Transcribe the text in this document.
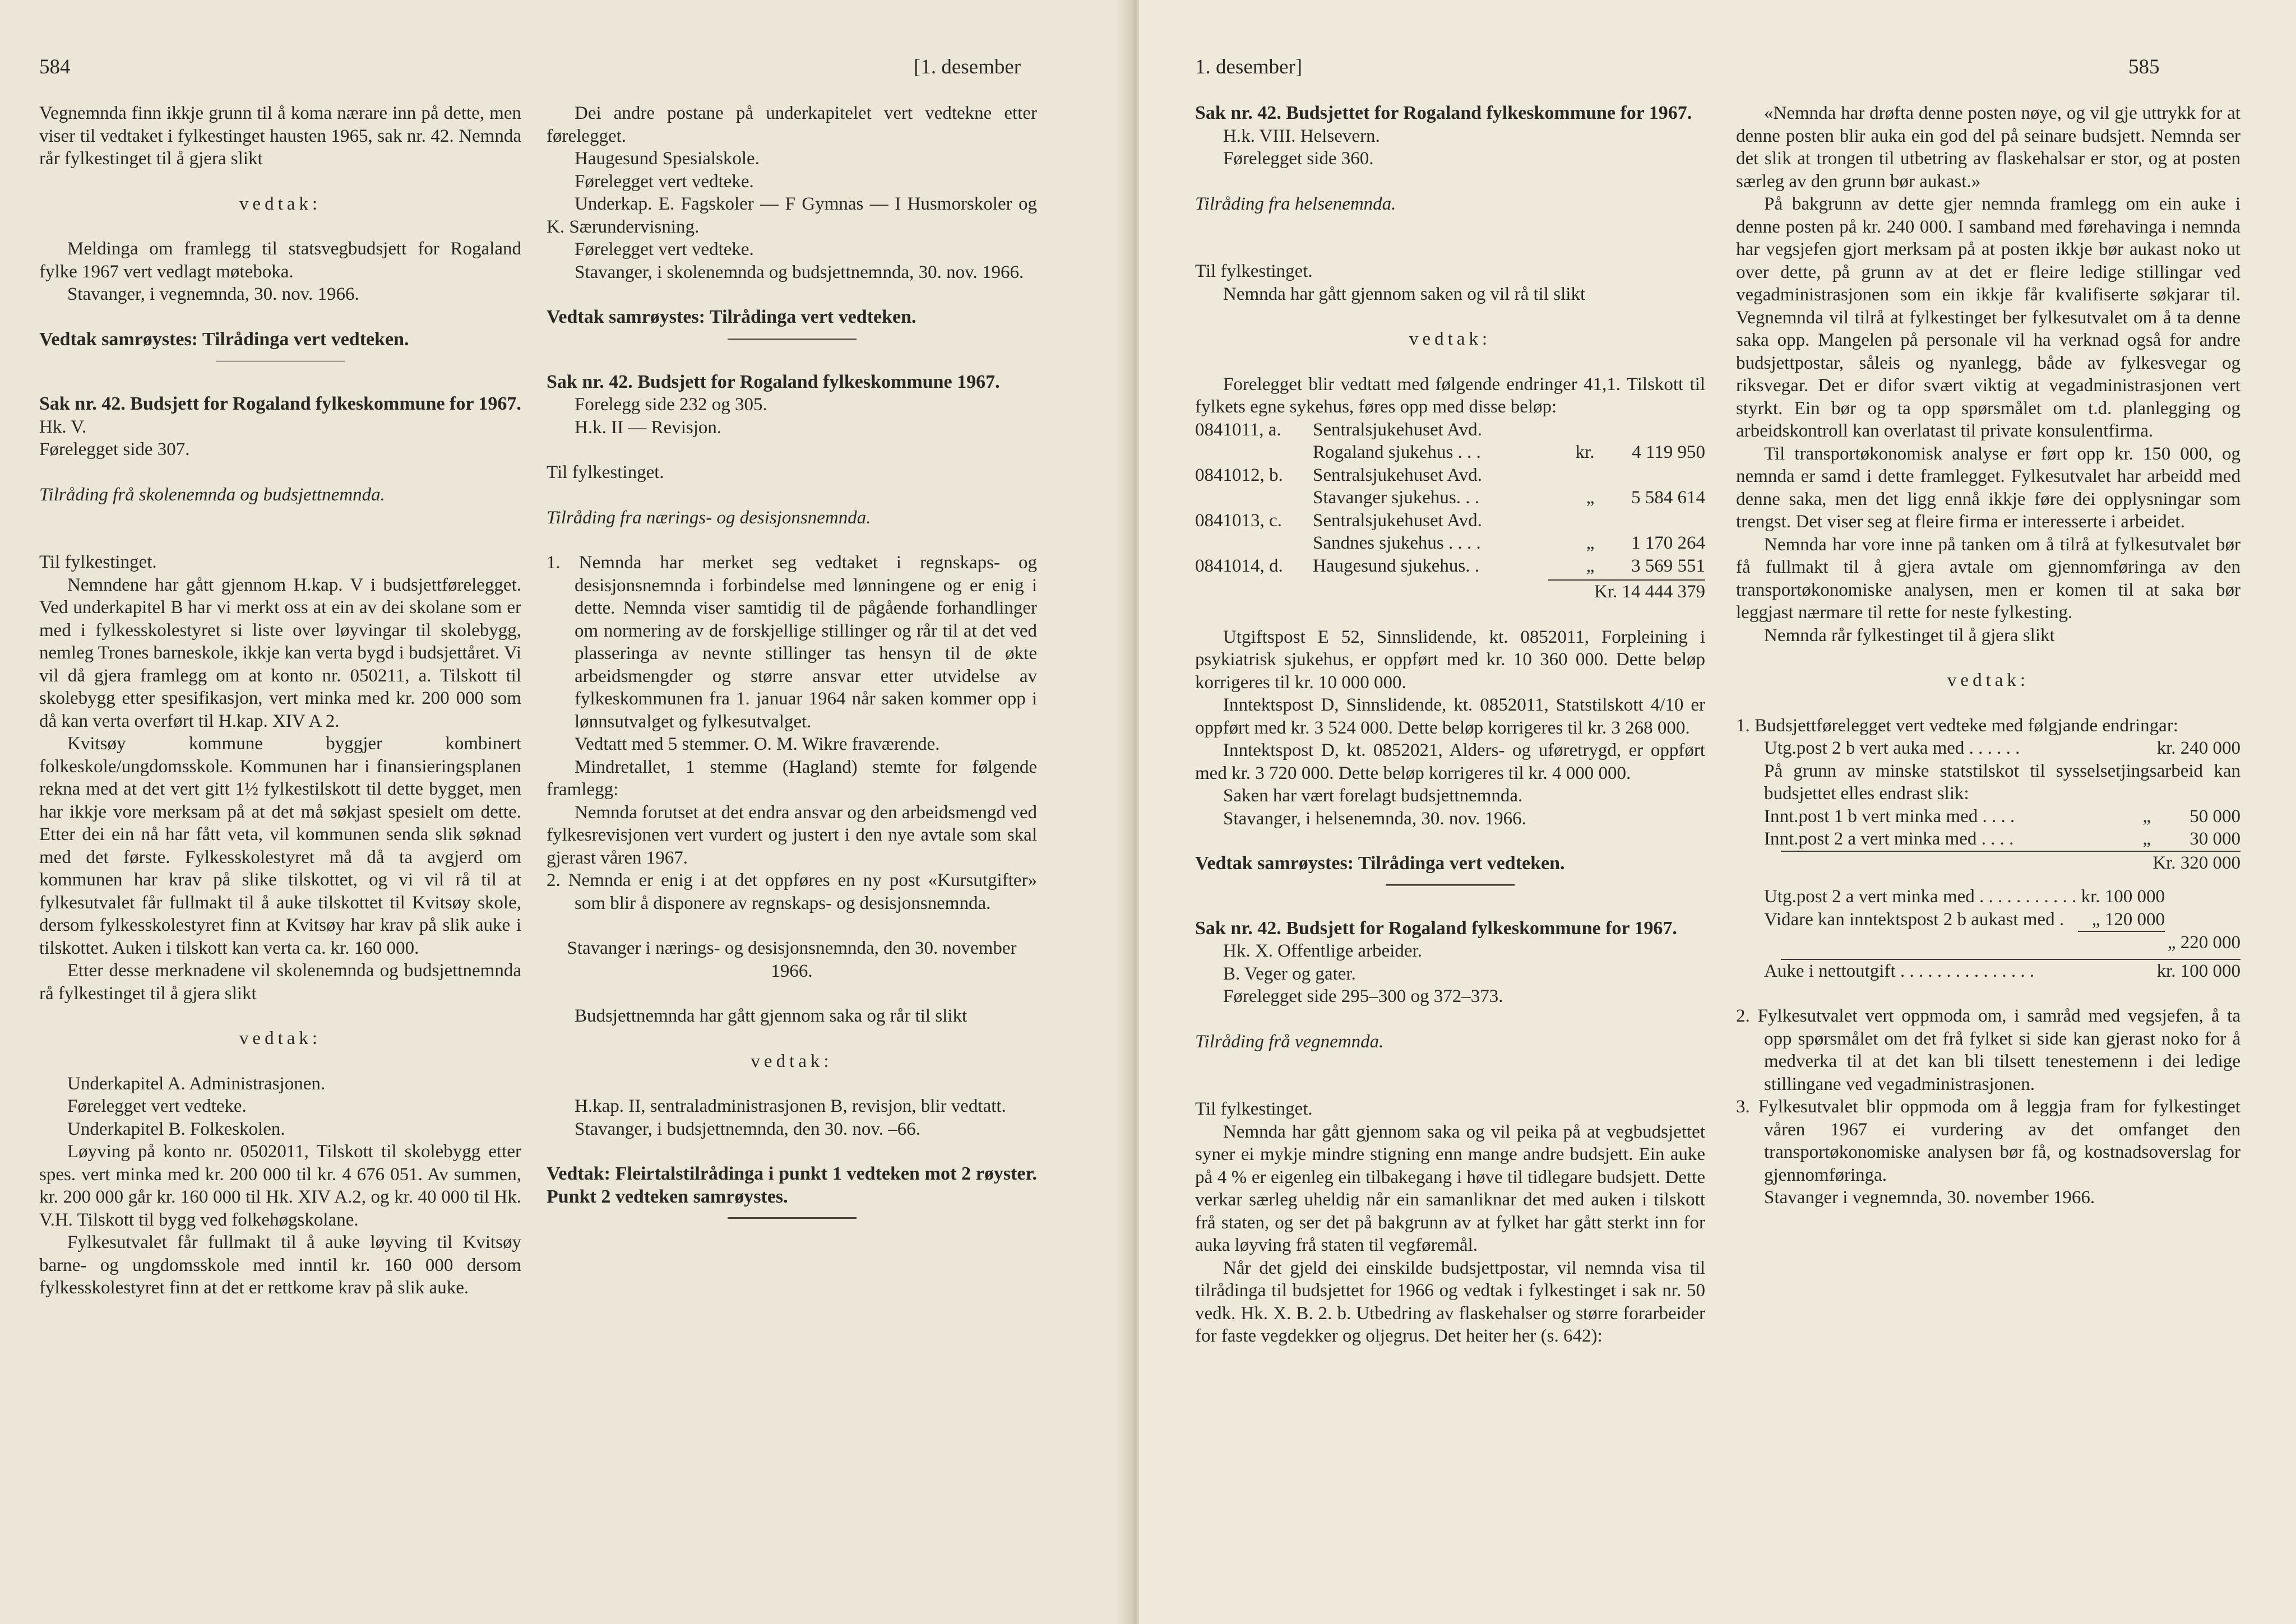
584	[1. desember

Vegnemnda finn ikkje grunn til å koma nærare inn på dette, men viser til vedtaket i fylkestinget hausten 1965, sak nr. 42. Nemnda rår fylkestinget til å gjera slikt

vedtak:

Meldinga om framlegg til statsvegbudsjett for Rogaland fylke 1967 vert vedlagt møteboka.

Stavanger, i vegnemnda, 30. nov. 1966.

Vedtak samrøystes: Tilrådinga vert vedteken.

Sak nr. 42. Budsjett for Rogaland fylkeskommune for 1967.

Hk. V.

Førelegget side 307.

Tilråding frå skolenemnda og budsjettnemnda.

Til fylkestinget.

Nemndene har gått gjennom H.kap. V i budsjettførelegget. Ved underkapitel B har vi merkt oss at ein av dei skolane som er med i fylkesskolestyret si liste over løyvingar til skolebygg, nemleg Trones barneskole, ikkje kan verta bygd i budsjettåret. Vi vil då gjera framlegg om at konto nr. 050211, a. Tilskott til skolebygg etter spesifikasjon, vert minka med kr. 200 000 som då kan verta overført til H.kap. XIV A 2.

Kvitsøy kommune byggjer kombinert folkeskole/ungdomsskole. Kommunen har i finansieringsplanen rekna med at det vert gitt 1½ fylkestilskott til dette bygget, men har ikkje vore merksam på at det må søkjast spesielt om dette. Etter dei ein nå har fått veta, vil kommunen senda slik søknad med det første. Fylkesskolestyret må då ta avgjerd om kommunen har krav på slike tilskottet, og vi vil rå til at fylkesutvalet får fullmakt til å auke tilskottet til Kvitsøy skole, dersom fylkesskolestyret finn at Kvitsøy har krav på slik auke i tilskottet. Auken i tilskott kan verta ca. kr. 160 000.

Etter desse merknadene vil skolenemnda og budsjettnemnda rå fylkestinget til å gjera slikt

vedtak:

Underkapitel A. Administrasjonen.

Førelegget vert vedteke.

Underkapitel B. Folkeskolen.

Løyving på konto nr. 0502011, Tilskott til skolebygg etter spes. vert minka med kr. 200 000 til kr. 4 676 051. Av summen, kr. 200 000 går kr. 160 000 til Hk. XIV A.2, og kr. 40 000 til Hk. V.H. Tilskott til bygg ved folkehøgskolane.

Fylkesutvalet får fullmakt til å auke løyving til Kvitsøy barne- og ungdomsskole med inntil kr. 160 000 dersom fylkesskolestyret finn at det er rettkome krav på slik auke.

Dei andre postane på underkapitelet vert vedtekne etter førelegget.

Haugesund Spesialskole.

Førelegget vert vedteke.

Underkap. E. Fagskoler — F Gymnas — I Husmorskoler og K. Særundervisning.

Førelegget vert vedteke.

Stavanger, i skolenemnda og budsjettnemnda, 30. nov. 1966.

Vedtak samrøystes: Tilrådinga vert vedteken.

Sak nr. 42. Budsjett for Rogaland fylkeskommune 1967.

Forelegg side 232 og 305.

H.k. II — Revisjon.

Til fylkestinget.

Tilråding fra nærings- og desisjonsnemnda.

1. Nemnda har merket seg vedtaket i regnskaps- og desisjonsnemnda i forbindelse med lønningene og er enig i dette. Nemnda viser samtidig til de pågående forhandlinger om normering av de forskjellige stillinger og rår til at det ved plasseringa av nevnte stillinger tas hensyn til de økte arbeidsmengder og større ansvar etter utvidelse av fylkeskommunen fra 1. januar 1964 når saken kommer opp i lønnsutvalget og fylkesutvalget.

Vedtatt med 5 stemmer. O. M. Wikre fraværende.

Mindretallet, 1 stemme (Hagland) stemte for følgende framlegg:

Nemnda forutset at det endra ansvar og den arbeidsmengd ved fylkesrevisjonen vert vurdert og justert i den nye avtale som skal gjerast våren 1967.

2. Nemnda er enig i at det oppføres en ny post «Kursutgifter» som blir å disponere av regnskaps- og desisjonsnemnda.

Stavanger i nærings- og desisjonsnemnda, den 30. november 1966.

Budsjettnemnda har gått gjennom saka og rår til slikt

vedtak:

H.kap. II, sentraladministrasjonen B, revisjon, blir vedtatt.

Stavanger, i budsjettnemnda, den 30. nov. –66.

Vedtak: Fleirtalstilrådinga i punkt 1 vedteken mot 2 røyster. Punkt 2 vedteken samrøystes.

1. desember]	585

Sak nr. 42. Budsjettet for Rogaland fylkeskommune for 1967.

H.k. VIII. Helsevern.

Førelegget side 360.

Tilråding fra helsenemnda.

Til fylkestinget.

Nemnda har gått gjennom saken og vil rå til slikt

vedtak:

Forelegget blir vedtatt med følgende endringer 41,1. Tilskott til fylkets egne sykehus, føres opp med disse beløp:

0841011, a.	Sentralsjukehuset Avd.		
	Rogaland sjukehus . . .	kr.	4 119 950
0841012, b.	Sentralsjukehuset Avd.		
	Stavanger sjukehus. . .	„	5 584 614
0841013, c.	Sentralsjukehuset Avd.		
	Sandnes sjukehus . . . .	„	1 170 264
0841014, d.	Haugesund sjukehus. .	„	3 569 551
Kr. 14 444 379

Utgiftspost E 52, Sinnslidende, kt. 0852011, Forpleining i psykiatrisk sjukehus, er oppført med kr. 10 360 000. Dette beløp korrigeres til kr. 10 000 000.

Inntektspost D, Sinnslidende, kt. 0852011, Statstilskott 4/10 er oppført med kr. 3 524 000. Dette beløp korrigeres til kr. 3 268 000.

Inntektspost D, kt. 0852021, Alders- og uføretrygd, er oppført med kr. 3 720 000. Dette beløp korrigeres til kr. 4 000 000.

Saken har vært forelagt budsjettnemnda.

Stavanger, i helsenemnda, 30. nov. 1966.

Vedtak samrøystes: Tilrådinga vert vedteken.

Sak nr. 42. Budsjett for Rogaland fylkeskommune for 1967.

Hk. X. Offentlige arbeider.

B. Veger og gater.

Førelegget side 295–300 og 372–373.

Tilråding frå vegnemnda.

Til fylkestinget.

Nemnda har gått gjennom saka og vil peika på at vegbudsjettet syner ei mykje mindre stigning enn mange andre budsjett. Ein auke på 4 % er eigenleg ein tilbakegang i høve til tidlegare budsjett. Dette verkar særleg uheldig når ein samanliknar det med auken i tilskott frå staten, og ser det på bakgrunn av at fylket har gått sterkt inn for auka løyving frå staten til vegføremål.

Når det gjeld dei einskilde budsjettpostar, vil nemnda visa til tilrådinga til budsjettet for 1966 og vedtak i fylkestinget i sak nr. 50 vedk. Hk. X. B. 2. b. Utbedring av flaskehalser og større forarbeider for faste vegdekker og oljegrus. Det heiter her (s. 642):

«Nemnda har drøfta denne posten nøye, og vil gje uttrykk for at denne posten blir auka ein god del på seinare budsjett. Nemnda ser det slik at trongen til utbetring av flaskehalsar er stor, og at posten særleg av den grunn bør aukast.»

På bakgrunn av dette gjer nemnda framlegg om ein auke i denne posten på kr. 240 000. I samband med førehavinga i nemnda har vegsjefen gjort merksam på at posten ikkje bør aukast noko ut over dette, på grunn av at det er fleire ledige stillingar ved vegadministrasjonen som ein ikkje får kvalifiserte søkjarar til. Vegnemnda vil tilrå at fylkestinget ber fylkesutvalet om å ta denne saka opp. Mangelen på personale vil ha verknad også for andre budsjettpostar, såleis og nyanlegg, både av fylkesvegar og riksvegar. Det er difor svært viktig at vegadministrasjonen vert styrkt. Ein bør og ta opp spørsmålet om t.d. planlegging og arbeidskontroll kan overlatast til private konsulentfirma.

Til transportøkonomisk analyse er ført opp kr. 150 000, og nemnda er samd i dette framlegget. Fylkesutvalet har arbeidd med denne saka, men det ligg ennå ikkje føre dei opplysningar som trengst. Det viser seg at fleire firma er interesserte i arbeidet.

Nemnda har vore inne på tanken om å tilrå at fylkesutvalet bør få fullmakt til å gjera avtale om gjennomføringa av den transportøkonomiske analysen, men er komen til at saka bør leggjast nærmare til rette for neste fylkesting.

Nemnda rår fylkestinget til å gjera slikt

vedtak:

1. Budsjettførelegget vert vedteke med følgjande endringar:
Utg.post 2 b vert auka med . . . . . .	kr. 240 000
På grunn av minske statstilskot til sysselsetjingsarbeid kan budsjettet elles endrast slik:
Innt.post 1 b vert minka med . . . .	„	50 000
Innt.post 2 a vert minka med . . . .	„	30 000
Kr. 320 000
Utg.post 2 a vert minka med . . . . . . . . . . .	kr. 100 000	
Vidare kan inntektspost 2 b aukast med .	„ 120 000	
		„ 220 000
Auke i nettoutgift . . . . . . . . . . . . . . .	kr. 100 000

2. Fylkesutvalet vert oppmoda om, i samråd med vegsjefen, å ta opp spørsmålet om det frå fylket si side kan gjerast noko for å medverka til at det kan bli tilsett tenestemenn i dei ledige stillingane ved vegadministrasjonen.

3. Fylkesutvalet blir oppmoda om å leggja fram for fylkestinget våren 1967 ei vurdering av det omfanget den transportøkonomiske analysen bør få, og kostnadsoverslag for gjennomføringa.

Stavanger i vegnemnda, 30. november 1966.
